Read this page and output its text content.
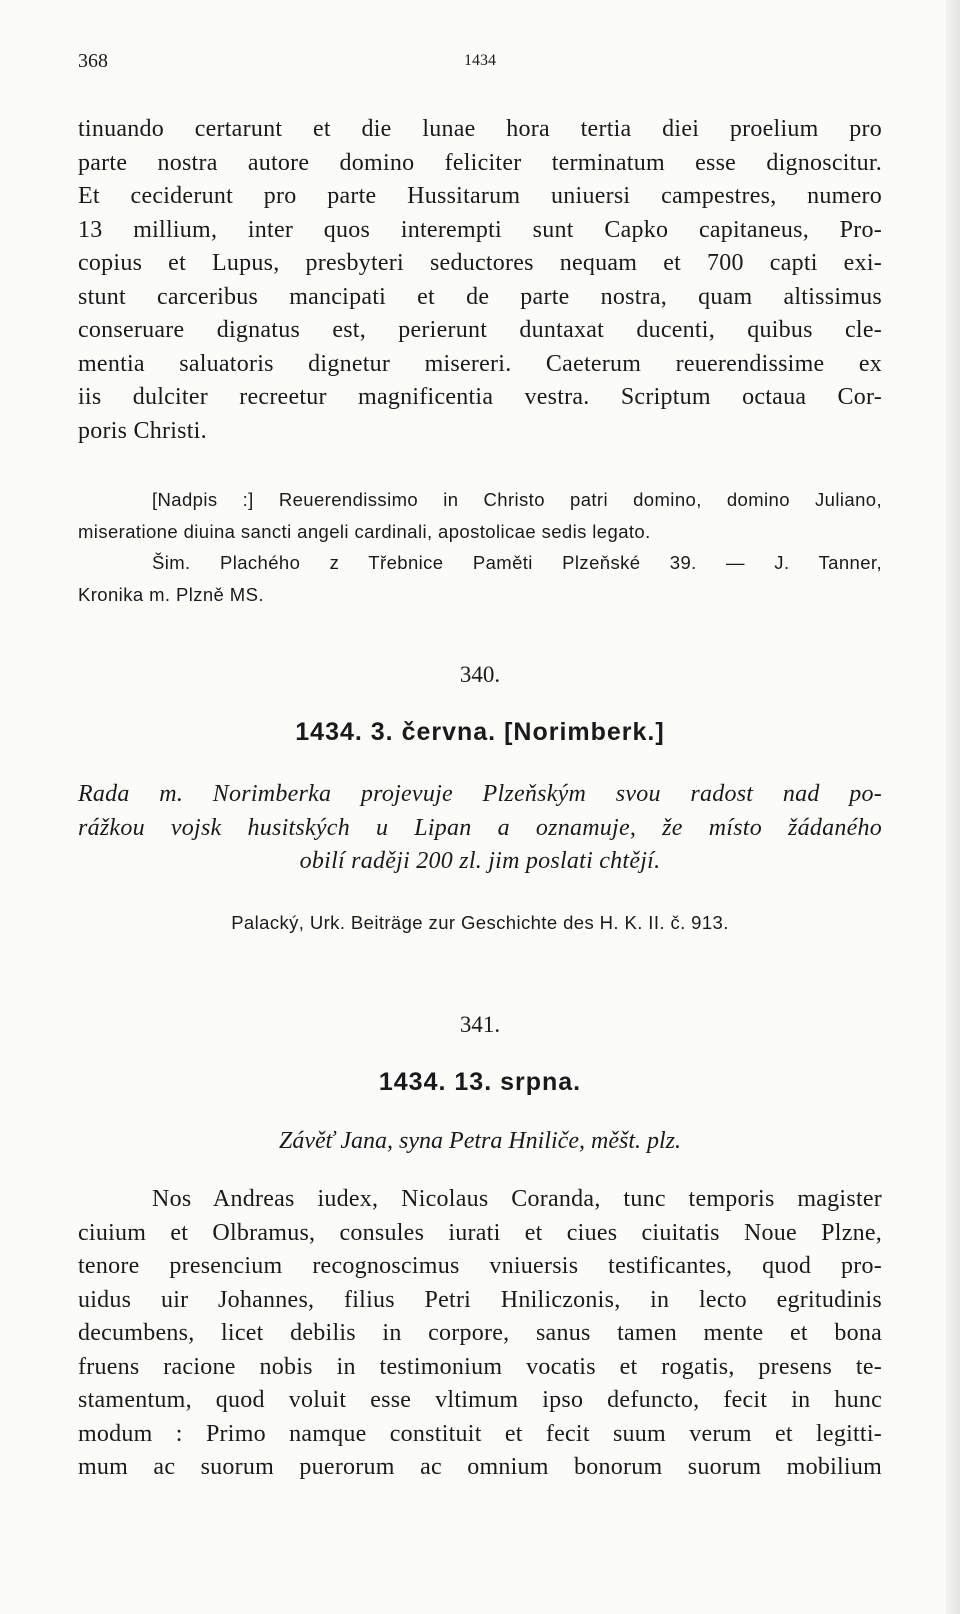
368	1434
tinuando certarunt et die lunae hora tertia diei proelium pro
parte nostra autore domino feliciter terminatum esse dignoscitur.
Et ceciderunt pro parte Hussitarum uniuersi campestres, numero
13 millium, inter quos interempti sunt Capko capitaneus, Pro-
copius et Lupus, presbyteri seductores nequam et 700 capti exi-
stunt carceribus mancipati et de parte nostra, quam altissimus
conseruare dignatus est, perierunt duntaxat ducenti, quibus cle-
mentia saluatoris dignetur misereri. Caeterum reuerendissime ex
iis dulciter recreetur magnificentia vestra. Scriptum octaua Cor-
poris Christi.
[Nadpis :] Reuerendissimo in Christo patri domino, domino Juliano,
miseratione diuina sancti angeli cardinali, apostolicae sedis legato.
Šim. Plachého z Třebnice Paměti Plzeňské 39. — J. Tanner,
Kronika m. Plzně MS.
340.
1434. 3. června. [Norimberk.]
Rada m. Norimberka projevuje Plzeňským svou radost nad po-
rážkou vojsk husitských u Lipan a oznamuje, že místo žádaného
obilí raději 200 zl. jim poslati chtějí.
Palacký, Urk. Beiträge zur Geschichte des H. K. II. č. 913.
341.
1434. 13. srpna.
Závěť Jana, syna Petra Hniliče, měšt. plz.
Nos Andreas iudex, Nicolaus Coranda, tunc temporis magister
ciuium et Olbramus, consules iurati et ciues ciuitatis Noue Plzne,
tenore presencium recognoscimus vniuersis testificantes, quod pro-
uidus uir Johannes, filius Petri Hniliczonis, in lecto egritudinis
decumbens, licet debilis in corpore, sanus tamen mente et bona
fruens racione nobis in testimonium vocatis et rogatis, presens te-
stamentum, quod voluit esse vltimum ipso defuncto, fecit in hunc
modum : Primo namque constituit et fecit suum verum et legitti-
mum ac suorum puerorum ac omnium bonorum suorum mobilium
